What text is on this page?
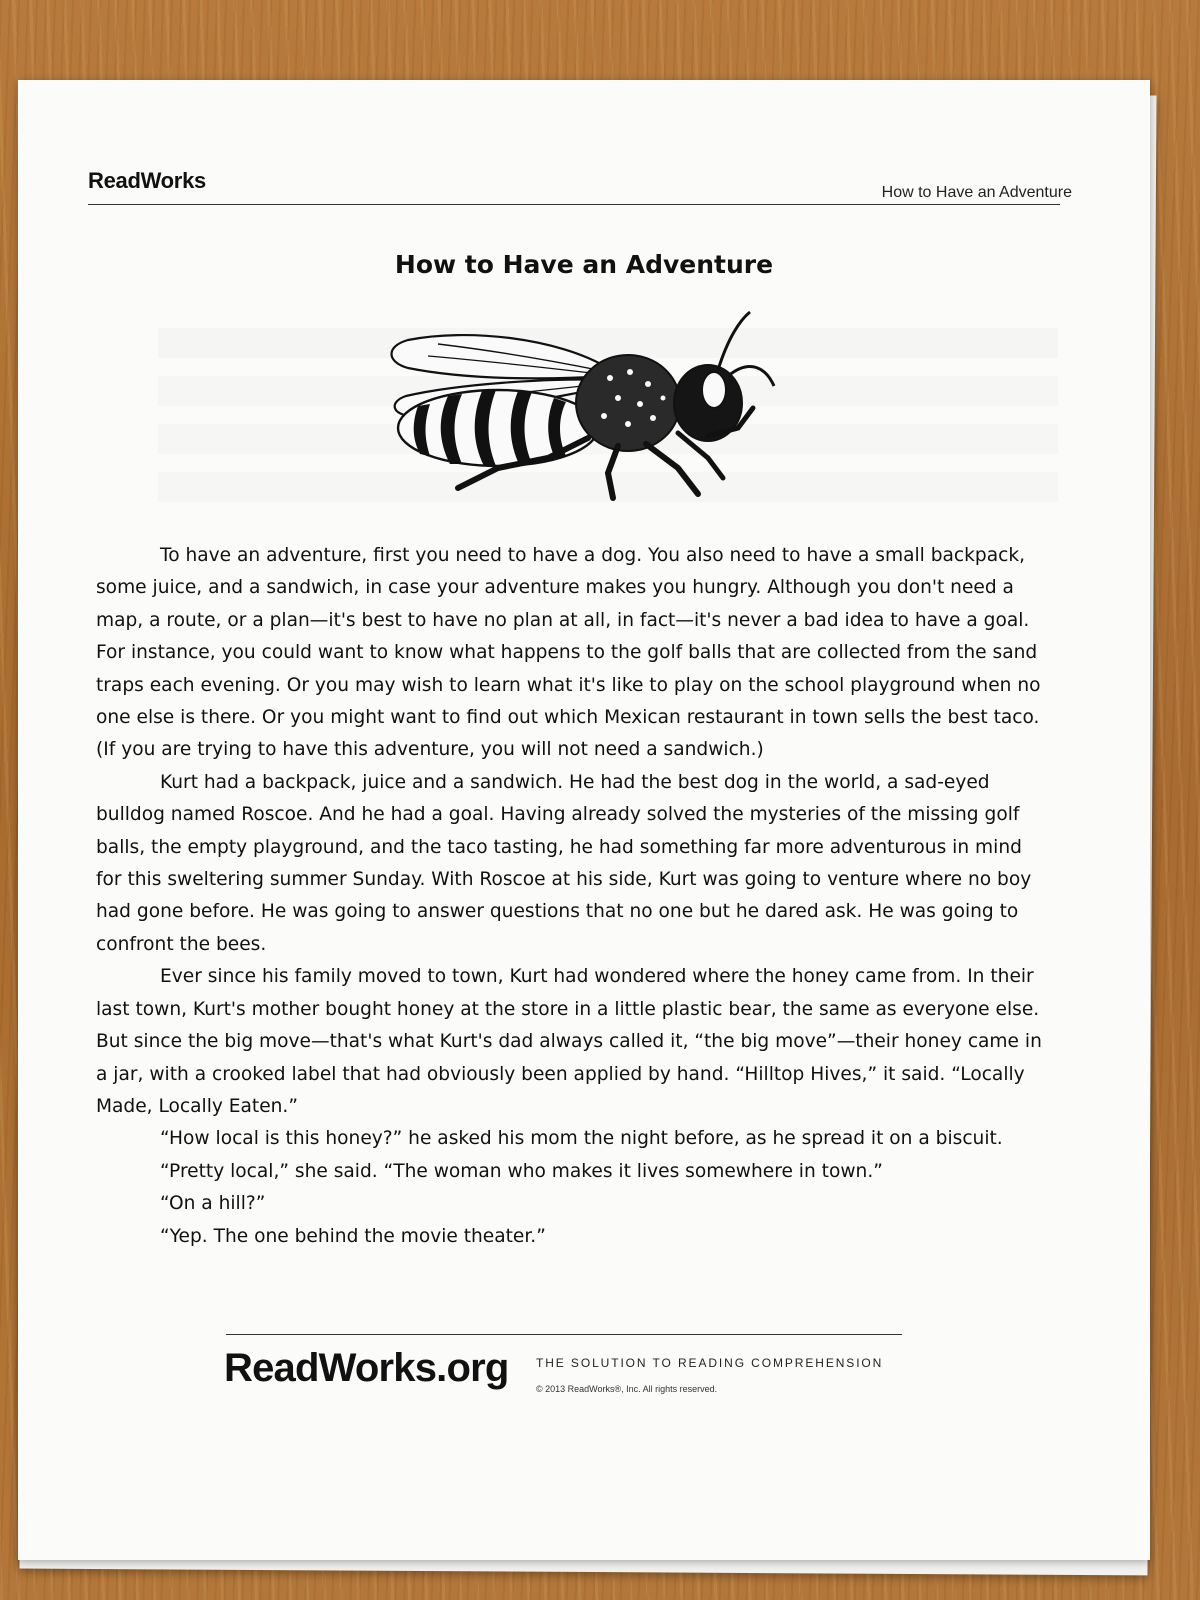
ReadWorks	How to Have an Adventure
How to Have an Adventure

To have an adventure, first you need to have a dog. You also need to have a small backpack, some juice, and a sandwich, in case your adventure makes you hungry. Although you don't need a map, a route, or a plan—it's best to have no plan at all, in fact—it's never a bad idea to have a goal. For instance, you could want to know what happens to the golf balls that are collected from the sand traps each evening. Or you may wish to learn what it's like to play on the school playground when no one else is there. Or you might want to find out which Mexican restaurant in town sells the best taco. (If you are trying to have this adventure, you will not need a sandwich.)

Kurt had a backpack, juice and a sandwich. He had the best dog in the world, a sad-eyed bulldog named Roscoe. And he had a goal. Having already solved the mysteries of the missing golf balls, the empty playground, and the taco tasting, he had something far more adventurous in mind for this sweltering summer Sunday. With Roscoe at his side, Kurt was going to venture where no boy had gone before. He was going to answer questions that no one but he dared ask. He was going to confront the bees.

Ever since his family moved to town, Kurt had wondered where the honey came from. In their last town, Kurt's mother bought honey at the store in a little plastic bear, the same as everyone else. But since the big move—that's what Kurt's dad always called it, “the big move”—their honey came in a jar, with a crooked label that had obviously been applied by hand. “Hilltop Hives,” it said. “Locally Made, Locally Eaten.”

“How local is this honey?” he asked his mom the night before, as he spread it on a biscuit.

“Pretty local,” she said. “The woman who makes it lives somewhere in town.”

“On a hill?”

“Yep. The one behind the movie theater.”

ReadWorks.org THE SOLUTION TO READING COMPREHENSION
© 2013 ReadWorks®, Inc. All rights reserved.
